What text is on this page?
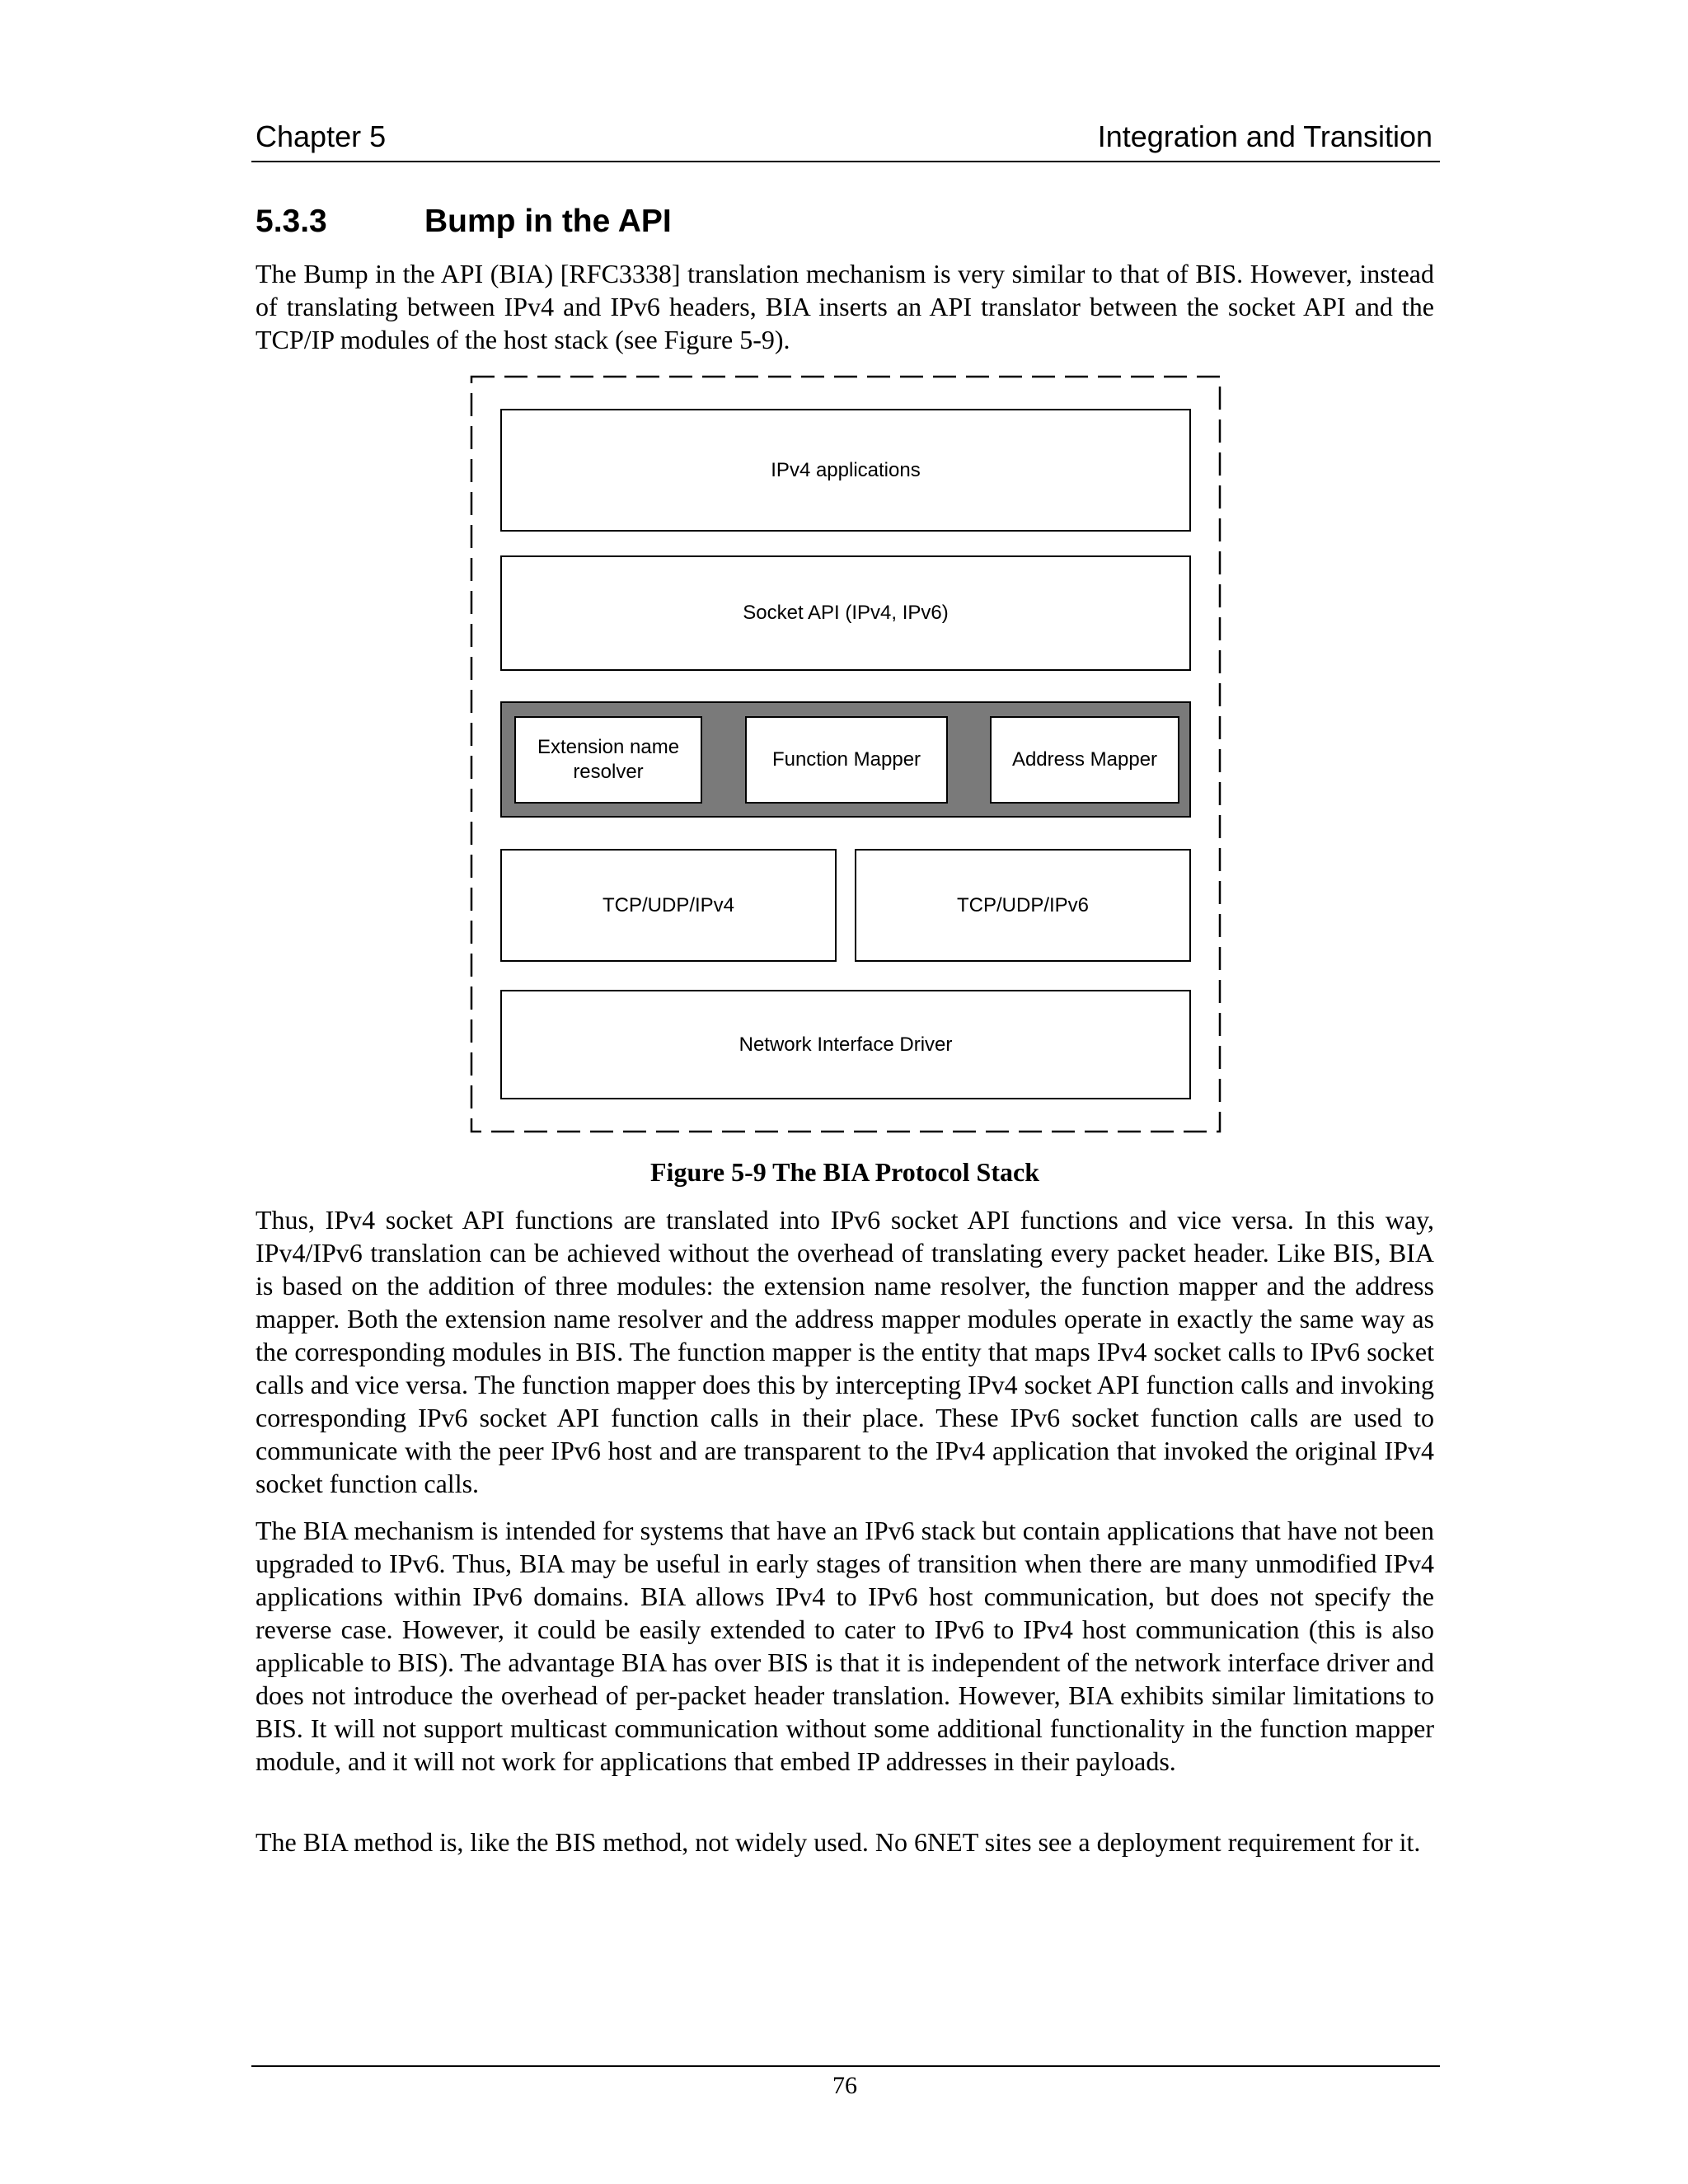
Chapter 5	Integration and Transition
5.3.3	Bump in the API

The Bump in the API (BIA) [RFC3338] translation mechanism is very similar to that of BIS. However, instead of translating between IPv4 and IPv6 headers, BIA inserts an API translator between the socket API and the TCP/IP modules of the host stack (see Figure 5-9).

IPv4 applications
Socket API (IPv4, IPv6)
Extension name resolver
Function Mapper	Address Mapper
TCP/UDP/IPv4	TCP/UDP/IPv6
Network Interface Driver
Figure 5-9 The BIA Protocol Stack

Thus, IPv4 socket API functions are translated into IPv6 socket API functions and vice versa. In this way, IPv4/IPv6 translation can be achieved without the overhead of translating every packet header. Like BIS, BIA is based on the addition of three modules: the extension name resolver, the function mapper and the address mapper. Both the extension name resolver and the address mapper modules operate in exactly the same way as the corresponding modules in BIS. The function mapper is the entity that maps IPv4 socket calls to IPv6 socket calls and vice versa. The function mapper does this by intercepting IPv4 socket API function calls and invoking corresponding IPv6 socket API function calls in their place. These IPv6 socket function calls are used to communicate with the peer IPv6 host and are transparent to the IPv4 application that invoked the original IPv4 socket function calls.

The BIA mechanism is intended for systems that have an IPv6 stack but contain applications that have not been upgraded to IPv6. Thus, BIA may be useful in early stages of transition when there are many unmodified IPv4 applications within IPv6 domains. BIA allows IPv4 to IPv6 host communication, but does not specify the reverse case. However, it could be easily extended to cater to IPv6 to IPv4 host communication (this is also applicable to BIS). The advantage BIA has over BIS is that it is independent of the network interface driver and does not introduce the overhead of per-packet header translation. However, BIA exhibits similar limitations to BIS. It will not support multicast communication without some additional functionality in the function mapper module, and it will not work for applications that embed IP addresses in their payloads.

The BIA method is, like the BIS method, not widely used. No 6NET sites see a deployment requirement for it.

76
